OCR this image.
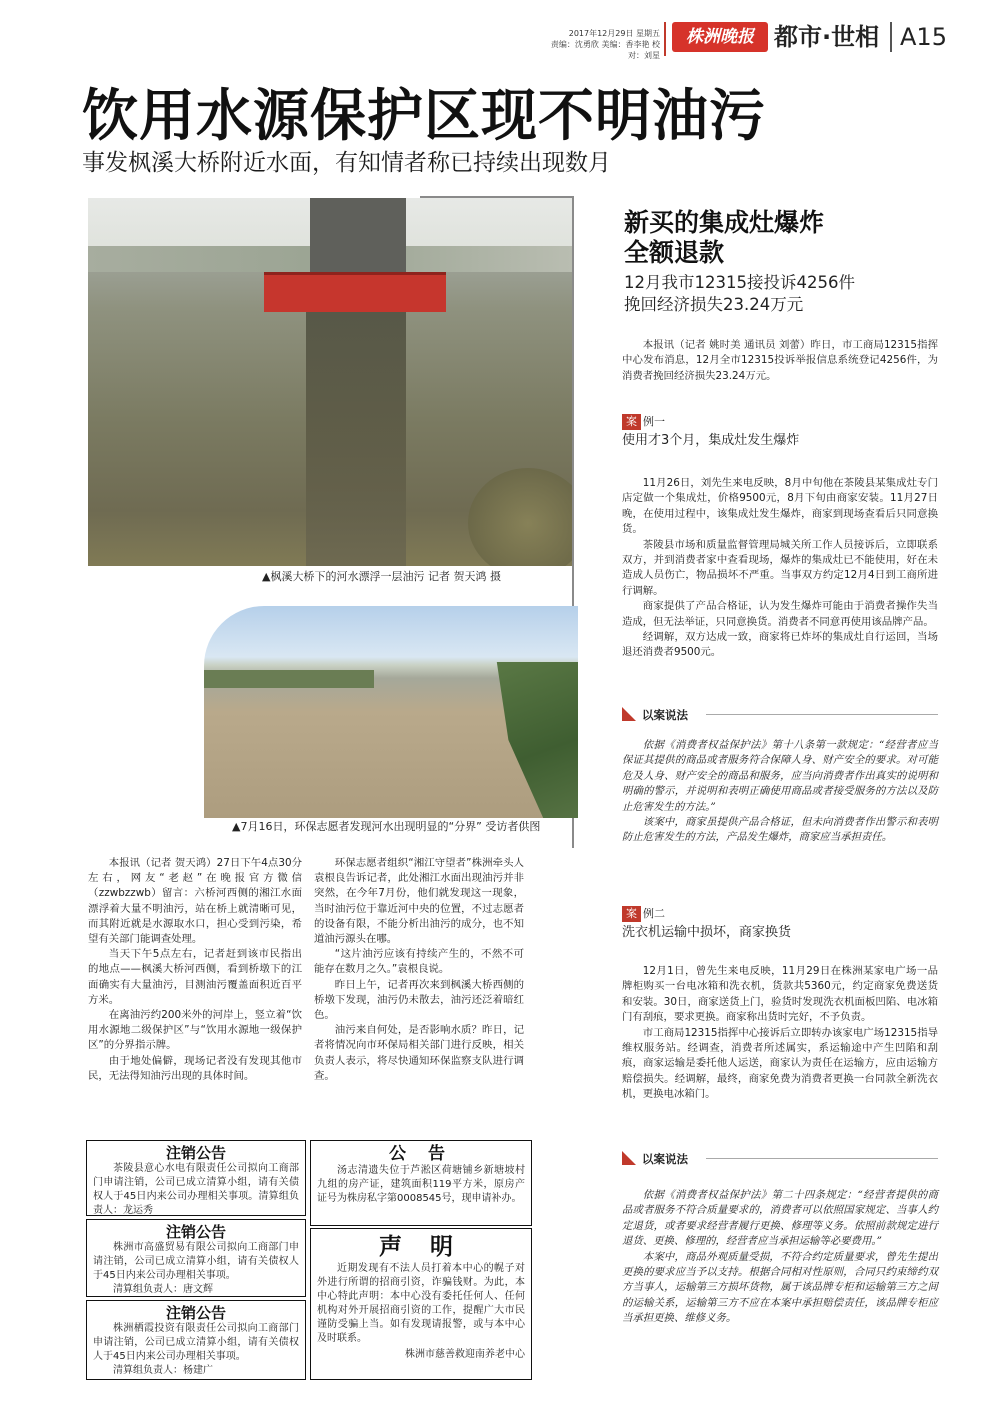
2017年12月29日 星期五
责编：沈勇欣 美编：香李艳 校对：刘星
株洲晚报 都市·世相 A15
饮用水源保护区现不明油污
事发枫溪大桥附近水面，有知情者称已持续出现数月
▲枫溪大桥下的河水漂浮一层油污 记者 贺天鸿 摄
▲7月16日，环保志愿者发现河水出现明显的“分界” 受访者供图

本报讯（记者 贺天鸿）27日下午4点30分左右，网友“老赵”在晚报官方微信（zzwbzzwb）留言：六桥河西侧的湘江水面漂浮着大量不明油污，站在桥上就清晰可见，而其附近就是水源取水口，担心受到污染，希望有关部门能调查处理。

当天下午5点左右，记者赶到该市民指出的地点——枫溪大桥河西侧，看到桥墩下的江面确实有大量油污，目测油污覆盖面积近百平方米。

在离油污约200米外的河岸上，竖立着“饮用水源地二级保护区”与“饮用水源地一级保护区”的分界指示牌。

由于地处偏僻，现场记者没有发现其他市民，无法得知油污出现的具体时间。

环保志愿者组织“湘江守望者”株洲牵头人袁根良告诉记者，此处湘江水面出现油污并非突然，在今年7月份，他们就发现这一现象，当时油污位于靠近河中央的位置，不过志愿者的设备有限，不能分析出油污的成分，也不知道油污源头在哪。

“这片油污应该有持续产生的，不然不可能存在数月之久。”袁根良说。

昨日上午，记者再次来到枫溪大桥西侧的桥墩下发现，油污仍未散去，油污还泛着暗红色。

油污来自何处，是否影响水质？昨日，记者将情况向市环保局相关部门进行反映，相关负责人表示，将尽快通知环保监察支队进行调查。

注销公告
茶陵县意心水电有限责任公司拟向工商部门申请注销，公司已成立清算小组，请有关债权人于45日内来公司办理相关事项。清算组负责人：龙运秀
注销公告
株洲市高盛贸易有限公司拟向工商部门申请注销，公司已成立清算小组，请有关债权人于45日内来公司办理相关事项。
清算组负责人：唐文辉
注销公告
株洲栖霞投资有限责任公司拟向工商部门申请注销，公司已成立清算小组，请有关债权人于45日内来公司办理相关事项。
清算组负责人：杨建广
公 告
汤志清遗失位于芦淞区荷塘铺乡新塘坡村九组的房产证，建筑面积119平方米，原房产证号为株房私字第0008545号，现申请补办。
声 明
近期发现有不法人员打着本中心的幌子对外进行所谓的招商引资，诈骗钱财。为此，本中心特此声明：本中心没有委托任何人、任何机构对外开展招商引资的工作，提醒广大市民谨防受骗上当。如有发现请报警，或与本中心及时联系。
株洲市慈善救迎南养老中心
新买的集成灶爆炸
全额退款
12月我市12315接投诉4256件
挽回经济损失23.24万元

本报讯（记者 姚时美 通讯员 刘蕾）昨日，市工商局12315指挥中心发布消息，12月全市12315投诉举报信息系统登记4256件，为消费者挽回经济损失23.24万元。

案 例一
使用才3个月，集成灶发生爆炸

11月26日，刘先生来电反映，8月中旬他在茶陵县某集成灶专门店定做一个集成灶，价格9500元，8月下旬由商家安装。11月27日晚，在使用过程中，该集成灶发生爆炸，商家到现场查看后只同意换货。

茶陵县市场和质量监督管理局城关所工作人员接诉后，立即联系双方，并到消费者家中查看现场，爆炸的集成灶已不能使用，好在未造成人员伤亡，物品损坏不严重。当事双方约定12月4日到工商所进行调解。

商家提供了产品合格证，认为发生爆炸可能由于消费者操作失当造成，但无法举证，只同意换货。消费者不同意再使用该品牌产品。

经调解，双方达成一致，商家将已炸坏的集成灶自行运回，当场退还消费者9500元。

以案说法

依据《消费者权益保护法》第十八条第一款规定：“经营者应当保证其提供的商品或者服务符合保障人身、财产安全的要求。对可能危及人身、财产安全的商品和服务，应当向消费者作出真实的说明和明确的警示，并说明和表明正确使用商品或者接受服务的方法以及防止危害发生的方法。”

该案中，商家虽提供产品合格证，但未向消费者作出警示和表明防止危害发生的方法，产品发生爆炸，商家应当承担责任。

案 例二
洗衣机运输中损坏，商家换货

12月1日，曾先生来电反映，11月29日在株洲某家电广场一品牌柜购买一台电冰箱和洗衣机，货款共5360元，约定商家免费送货和安装。30日，商家送货上门，验货时发现洗衣机面板凹陷、电冰箱门有刮痕，要求更换。商家称出货时完好，不予负责。

市工商局12315指挥中心接诉后立即转办该家电广场12315指导维权服务站。经调查，消费者所述属实，系运输途中产生凹陷和刮痕，商家运输是委托他人运送，商家认为责任在运输方，应由运输方赔偿损失。经调解，最终，商家免费为消费者更换一台同款全新洗衣机，更换电冰箱门。

以案说法

依据《消费者权益保护法》第二十四条规定：“经营者提供的商品或者服务不符合质量要求的，消费者可以依照国家规定、当事人约定退货，或者要求经营者履行更换、修理等义务。依照前款规定进行退货、更换、修理的，经营者应当承担运输等必要费用。”

本案中，商品外观质量受损，不符合约定质量要求，曾先生提出更换的要求应当予以支持。根据合同相对性原则，合同只约束缔约双方当事人，运输第三方损坏货物，属于该品牌专柜和运输第三方之间的运输关系，运输第三方不应在本案中承担赔偿责任，该品牌专柜应当承担更换、维修义务。
